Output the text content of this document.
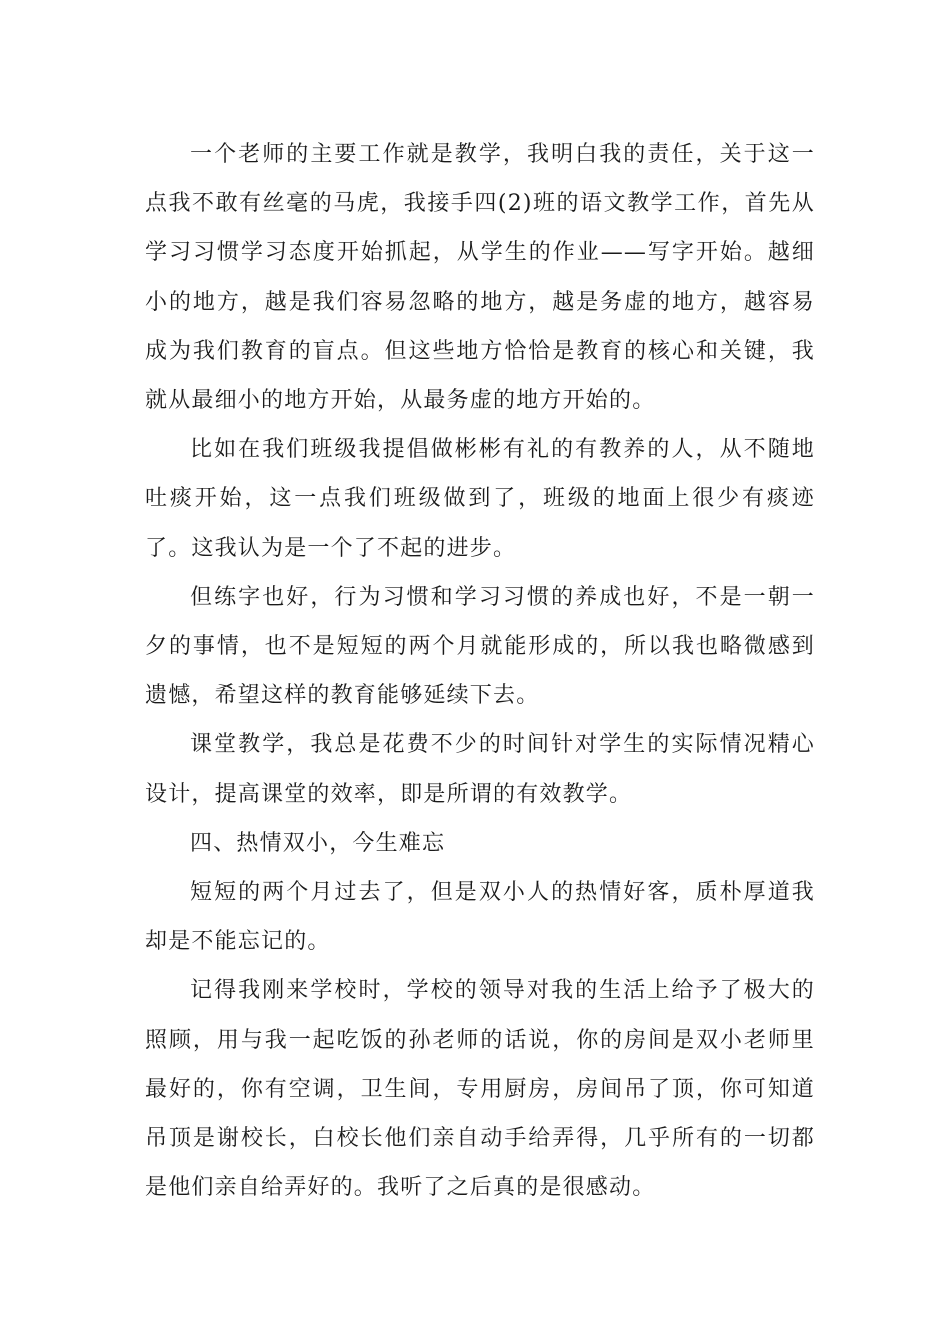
一个老师的主要工作就是教学，我明白我的责任，关于这一点我不敢有丝毫的马虎，我接手四(2)班的语文教学工作，首先从学习习惯学习态度开始抓起，从学生的作业——写字开始。越细小的地方，越是我们容易忽略的地方，越是务虚的地方，越容易成为我们教育的盲点。但这些地方恰恰是教育的核心和关键，我就从最细小的地方开始，从最务虚的地方开始的。

比如在我们班级我提倡做彬彬有礼的有教养的人，从不随地吐痰开始，这一点我们班级做到了，班级的地面上很少有痰迹了。这我认为是一个了不起的进步。

但练字也好，行为习惯和学习习惯的养成也好，不是一朝一夕的事情，也不是短短的两个月就能形成的，所以我也略微感到遗憾，希望这样的教育能够延续下去。

课堂教学，我总是花费不少的时间针对学生的实际情况精心设计，提高课堂的效率，即是所谓的有效教学。

四、热情双小，今生难忘

短短的两个月过去了，但是双小人的热情好客，质朴厚道我却是不能忘记的。

记得我刚来学校时，学校的领导对我的生活上给予了极大的照顾，用与我一起吃饭的孙老师的话说，你的房间是双小老师里最好的，你有空调，卫生间，专用厨房，房间吊了顶，你可知道吊顶是谢校长，白校长他们亲自动手给弄得，几乎所有的一切都是他们亲自给弄好的。我听了之后真的是很感动。
